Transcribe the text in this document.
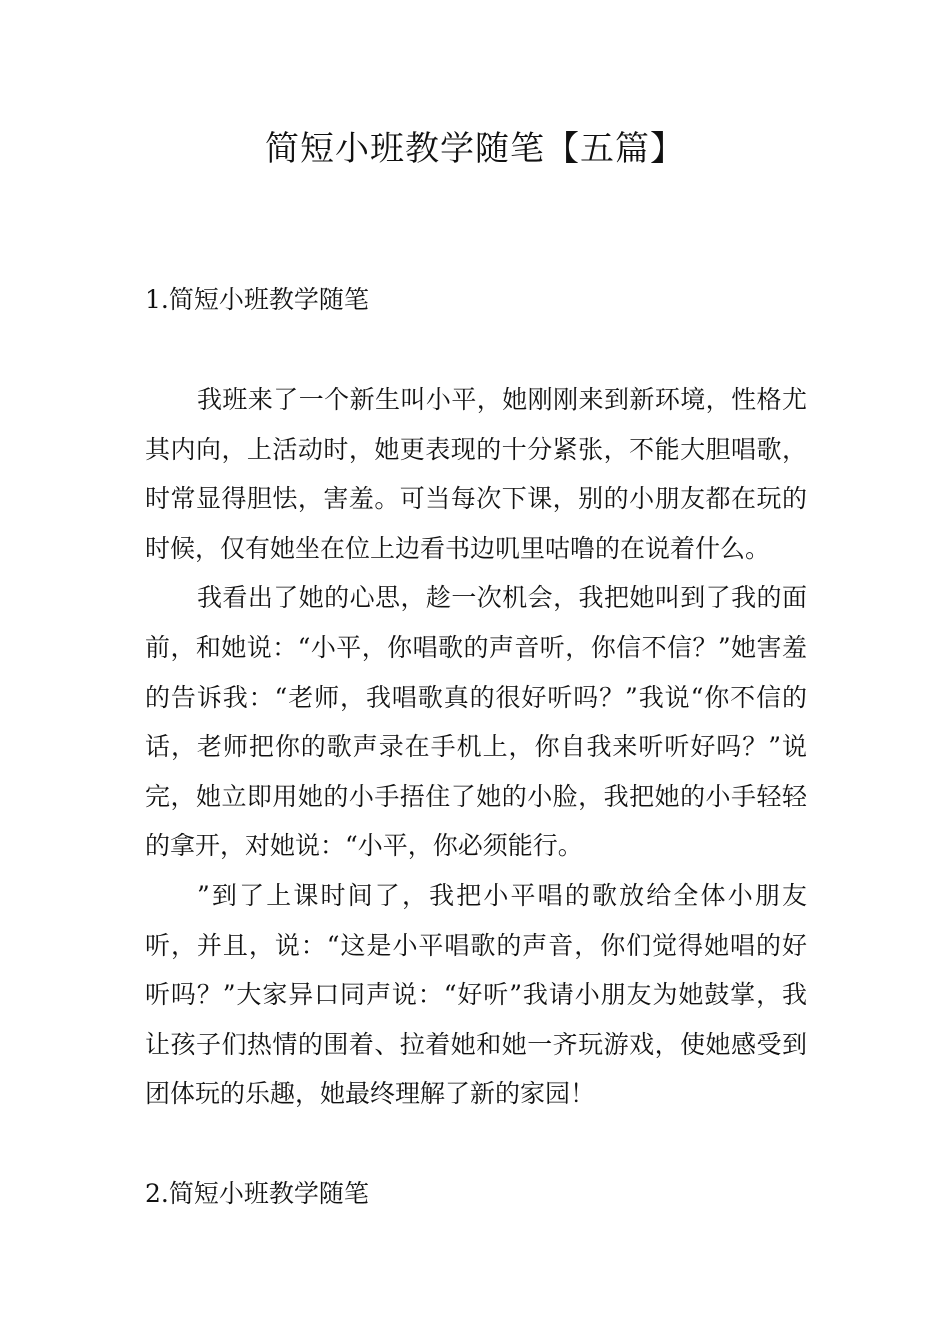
简短小班教学随笔【五篇】
1.简短小班教学随笔

我班来了一个新生叫小平，她刚刚来到新环境，性格尤其内向，上活动时，她更表现的十分紧张，不能大胆唱歌，时常显得胆怯，害羞。可当每次下课，别的小朋友都在玩的时候，仅有她坐在位上边看书边叽里咕噜的在说着什么。

我看出了她的心思，趁一次机会，我把她叫到了我的面前，和她说：“小平，你唱歌的声音听，你信不信？”她害羞的告诉我：“老师，我唱歌真的很好听吗？”我说“你不信的话，老师把你的歌声录在手机上，你自我来听听好吗？”说完，她立即用她的小手捂住了她的小脸，我把她的小手轻轻的拿开，对她说：“小平，你必须能行。

”到了上课时间了，我把小平唱的歌放给全体小朋友听，并且，说：“这是小平唱歌的声音，你们觉得她唱的好听吗？”大家异口同声说：“好听”我请小朋友为她鼓掌，我让孩子们热情的围着、拉着她和她一齐玩游戏，使她感受到团体玩的乐趣，她最终理解了新的家园！

2.简短小班教学随笔
